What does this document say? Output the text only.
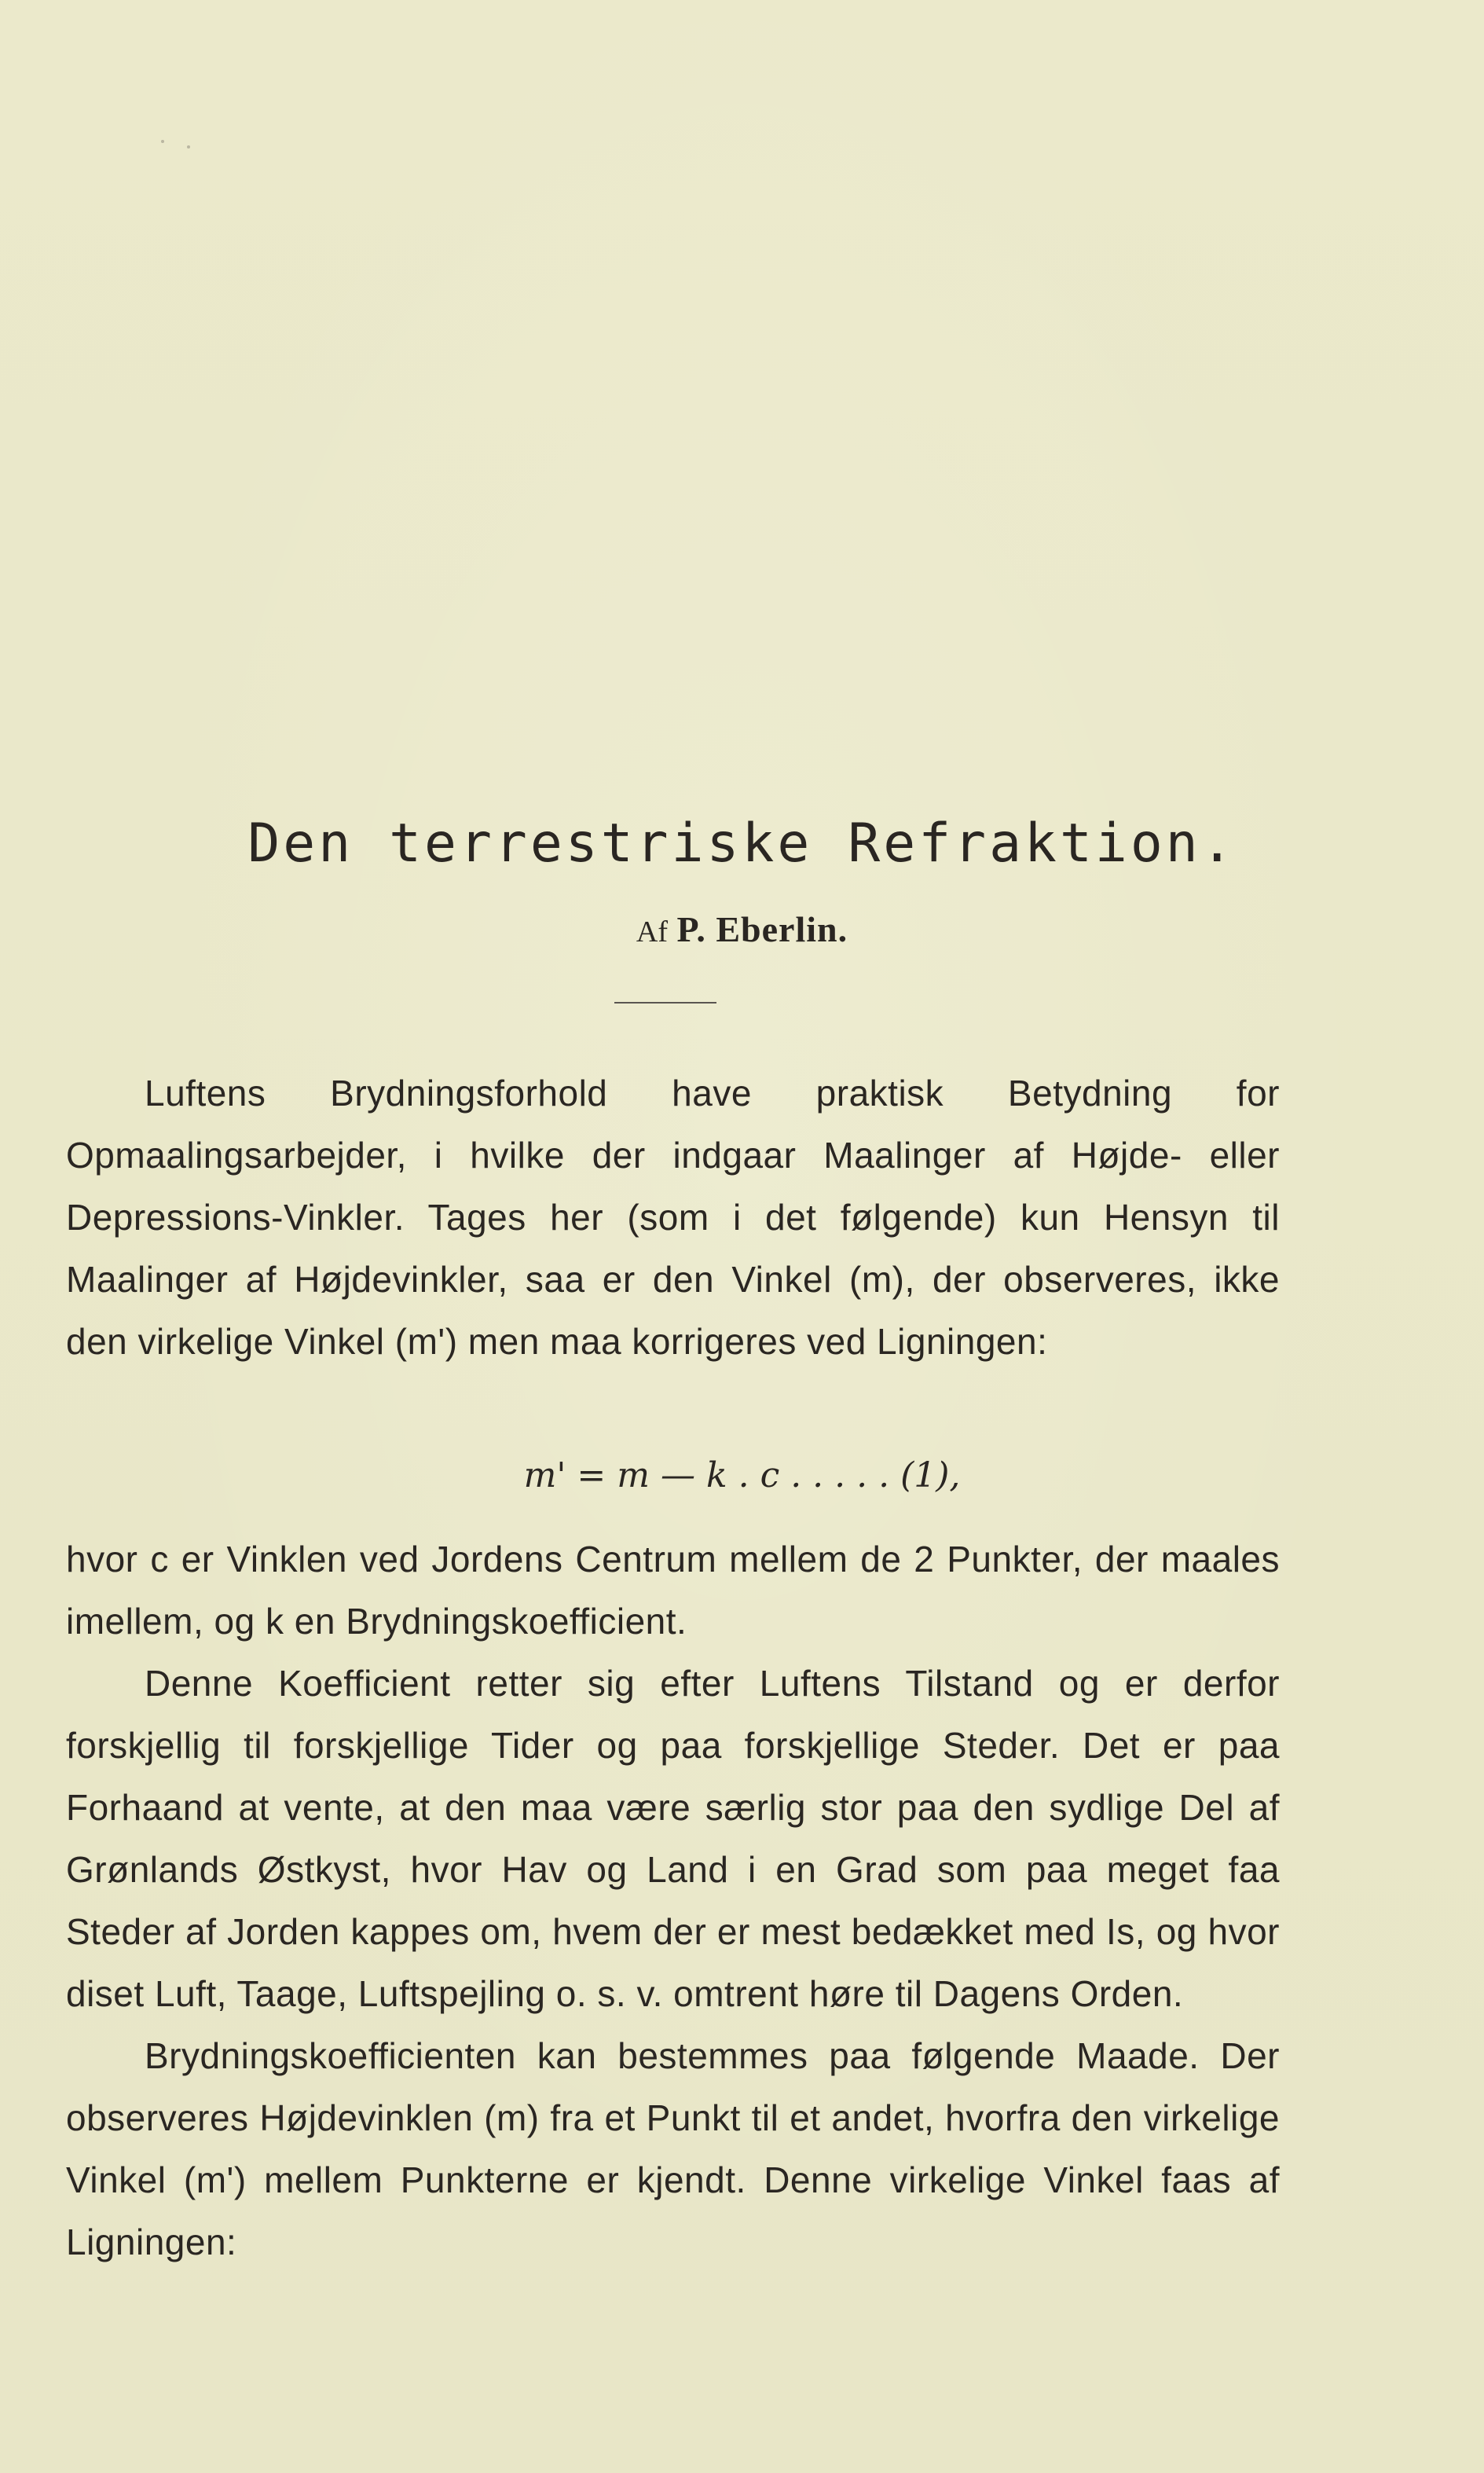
Den terrestriske Refraktion.
Af P. Eberlin.

Luftens Brydningsforhold have praktisk Betydning for Opmaalingsarbejder, i hvilke der indgaar Maalinger af Højde- eller Depressions-Vinkler. Tages her (som i det følgende) kun Hensyn til Maalinger af Højdevinkler, saa er den Vinkel (m), der observeres, ikke den virkelige Vinkel (m') men maa korrigeres ved Ligningen:

m' = m — k . c . . . . . (1),

hvor c er Vinklen ved Jordens Centrum mellem de 2 Punkter, der maales imellem, og k en Brydningskoefficient.

Denne Koefficient retter sig efter Luftens Tilstand og er derfor forskjellig til forskjellige Tider og paa forskjellige Steder. Det er paa Forhaand at vente, at den maa være særlig stor paa den sydlige Del af Grønlands Østkyst, hvor Hav og Land i en Grad som paa meget faa Steder af Jorden kappes om, hvem der er mest bedækket med Is, og hvor diset Luft, Taage, Luftspejling o. s. v. omtrent høre til Dagens Orden.

Brydningskoefficienten kan bestemmes paa følgende Maade. Der observeres Højdevinklen (m) fra et Punkt til et andet, hvorfra den virkelige Vinkel (m') mellem Punkterne er kjendt. Denne virkelige Vinkel faas af Ligningen:
